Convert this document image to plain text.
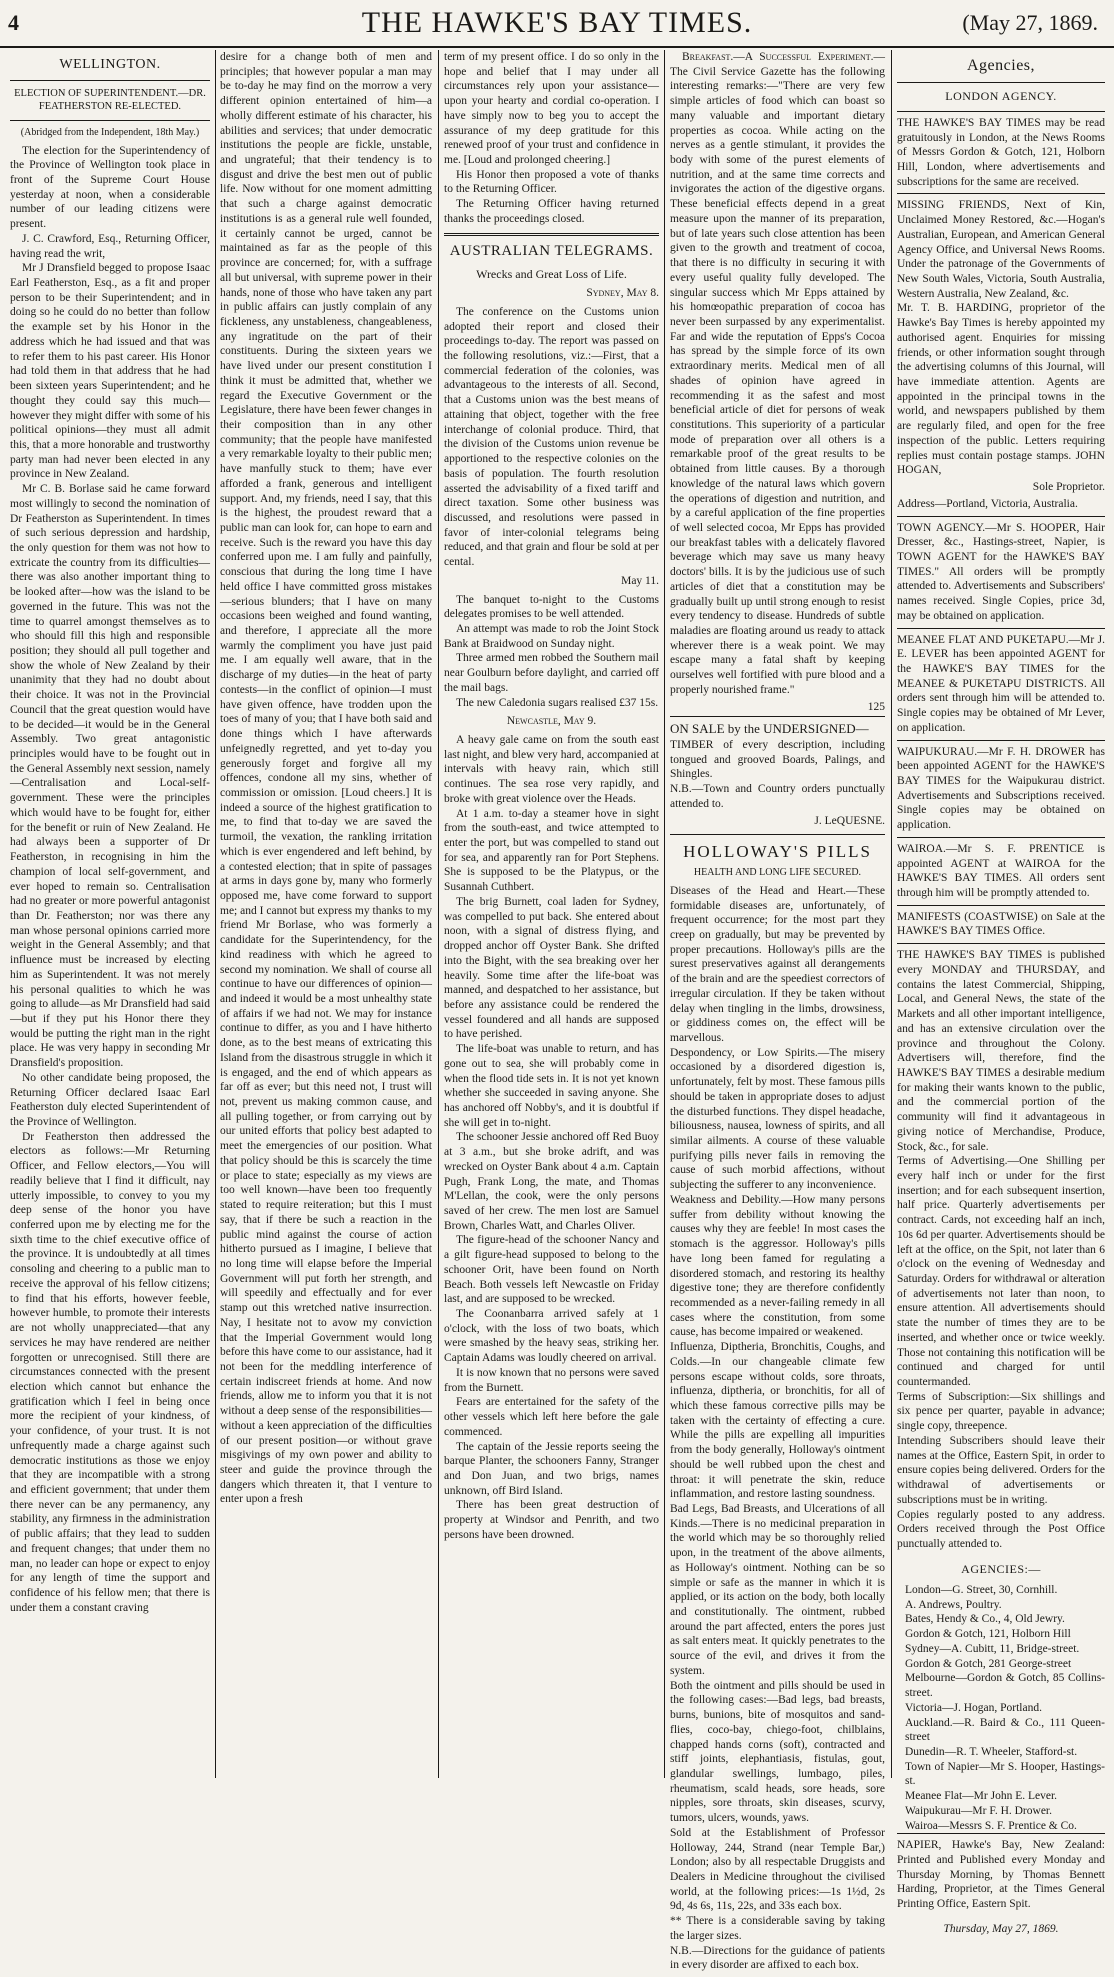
4	THE HAWKE'S BAY TIMES.	(May 27, 1869.
WELLINGTON.
ELECTION OF SUPERINTENDENT.—DR. FEATHERSTON RE-ELECTED.
(Abridged from the Independent, 18th May.)

The election for the Superintendency of the Province of Wellington took place in front of the Supreme Court House yesterday at noon, when a considerable number of our leading citizens were present.

J. C. Crawford, Esq., Returning Officer, having read the writ,

Mr J Dransfield begged to propose Isaac Earl Featherston, Esq., as a fit and proper person to be their Superintendent; and in doing so he could do no better than follow the example set by his Honor in the address which he had issued and that was to refer them to his past career. His Honor had told them in that address that he had been sixteen years Superintendent; and he thought they could say this much—however they might differ with some of his political opinions—they must all admit this, that a more honorable and trustworthy party man had never been elected in any province in New Zealand.

Mr C. B. Borlase said he came forward most willingly to second the nomination of Dr Featherston as Superintendent. In times of such serious depression and hardship, the only question for them was not how to extricate the country from its difficulties—there was also another important thing to be looked after—how was the island to be governed in the future. This was not the time to quarrel amongst themselves as to who should fill this high and responsible position; they should all pull together and show the whole of New Zealand by their unanimity that they had no doubt about their choice. It was not in the Provincial Council that the great question would have to be decided—it would be in the General Assembly. Two great antagonistic principles would have to be fought out in the General Assembly next session, namely—Centralisation and Local-self-government. These were the principles which would have to be fought for, either for the benefit or ruin of New Zealand. He had always been a supporter of Dr Featherston, in recognising in him the champion of local self-government, and ever hoped to remain so. Centralisation had no greater or more powerful antagonist than Dr. Featherston; nor was there any man whose personal opinions carried more weight in the General Assembly; and that influence must be increased by electing him as Superintendent. It was not merely his personal qualities to which he was going to allude—as Mr Dransfield had said—but if they put his Honor there they would be putting the right man in the right place. He was very happy in seconding Mr Dransfield's proposition.

No other candidate being proposed, the Returning Officer declared Isaac Earl Featherston duly elected Superintendent of the Province of Wellington.

Dr Featherston then addressed the electors as follows:—Mr Returning Officer, and Fellow electors,—You will readily believe that I find it difficult, nay utterly impossible, to convey to you my deep sense of the honor you have conferred upon me by electing me for the sixth time to the chief executive office of the province. It is undoubtedly at all times consoling and cheering to a public man to receive the approval of his fellow citizens; to find that his efforts, however feeble, however humble, to promote their interests are not wholly unappreciated—that any services he may have rendered are neither forgotten or unrecognised. Still there are circumstances connected with the present election which cannot but enhance the gratification which I feel in being once more the recipient of your kindness, of your confidence, of your trust. It is not unfrequently made a charge against such democratic institutions as those we enjoy that they are incompatible with a strong and efficient government; that under them there never can be any permanency, any stability, any firmness in the administration of public affairs; that they lead to sudden and frequent changes; that under them no man, no leader can hope or expect to enjoy for any length of time the support and confidence of his fellow men; that there is under them a constant craving

desire for a change both of men and principles; that however popular a man may be to-day he may find on the morrow a very different opinion entertained of him—a wholly different estimate of his character, his abilities and services; that under democratic institutions the people are fickle, unstable, and ungrateful; that their tendency is to disgust and drive the best men out of public life. Now without for one moment admitting that such a charge against democratic institutions is as a general rule well founded, it certainly cannot be urged, cannot be maintained as far as the people of this province are concerned; for, with a suffrage all but universal, with supreme power in their hands, none of those who have taken any part in public affairs can justly complain of any fickleness, any unstableness, changeableness, any ingratitude on the part of their constituents. During the sixteen years we have lived under our present constitution I think it must be admitted that, whether we regard the Executive Government or the Legislature, there have been fewer changes in their composition than in any other community; that the people have manifested a very remarkable loyalty to their public men; have manfully stuck to them; have ever afforded a frank, generous and intelligent support. And, my friends, need I say, that this is the highest, the proudest reward that a public man can look for, can hope to earn and receive. Such is the reward you have this day conferred upon me. I am fully and painfully, conscious that during the long time I have held office I have committed gross mistakes—serious blunders; that I have on many occasions been weighed and found wanting, and therefore, I appreciate all the more warmly the compliment you have just paid me. I am equally well aware, that in the discharge of my duties—in the heat of party contests—in the conflict of opinion—I must have given offence, have trodden upon the toes of many of you; that I have both said and done things which I have afterwards unfeignedly regretted, and yet to-day you generously forget and forgive all my offences, condone all my sins, whether of commission or omission. [Loud cheers.] It is indeed a source of the highest gratification to me, to find that to-day we are saved the turmoil, the vexation, the rankling irritation which is ever engendered and left behind, by a contested election; that in spite of passages at arms in days gone by, many who formerly opposed me, have come forward to support me; and I cannot but express my thanks to my friend Mr Borlase, who was formerly a candidate for the Superintendency, for the kind readiness with which he agreed to second my nomination. We shall of course all continue to have our differences of opinion—and indeed it would be a most unhealthy state of affairs if we had not. We may for instance continue to differ, as you and I have hitherto done, as to the best means of extricating this Island from the disastrous struggle in which it is engaged, and the end of which appears as far off as ever; but this need not, I trust will not, prevent us making common cause, and all pulling together, or from carrying out by our united efforts that policy best adapted to meet the emergencies of our position. What that policy should be this is scarcely the time or place to state; especially as my views are too well known—have been too frequently stated to require reiteration; but this I must say, that if there be such a reaction in the public mind against the course of action hitherto pursued as I imagine, I believe that no long time will elapse before the Imperial Government will put forth her strength, and will speedily and effectually and for ever stamp out this wretched native insurrection. Nay, I hesitate not to avow my conviction that the Imperial Government would long before this have come to our assistance, had it not been for the meddling interference of certain indiscreet friends at home. And now friends, allow me to inform you that it is not without a deep sense of the responsibilities—without a keen appreciation of the difficulties of our present position—or without grave misgivings of my own power and ability to steer and guide the province through the dangers which threaten it, that I venture to enter upon a fresh

term of my present office. I do so only in the hope and belief that I may under all circumstances rely upon your assistance—upon your hearty and cordial co-operation. I have simply now to beg you to accept the assurance of my deep gratitude for this renewed proof of your trust and confidence in me. [Loud and prolonged cheering.]

His Honor then proposed a vote of thanks to the Returning Officer.

The Returning Officer having returned thanks the proceedings closed.

AUSTRALIAN TELEGRAMS.
Wrecks and Great Loss of Life.
Sydney, May 8.

The conference on the Customs union adopted their report and closed their proceedings to-day. The report was passed on the following resolutions, viz.:—First, that a commercial federation of the colonies, was advantageous to the interests of all. Second, that a Customs union was the best means of attaining that object, together with the free interchange of colonial produce. Third, that the division of the Customs union revenue be apportioned to the respective colonies on the basis of population. The fourth resolution asserted the advisability of a fixed tariff and direct taxation. Some other business was discussed, and resolutions were passed in favor of inter-colonial telegrams being reduced, and that grain and flour be sold at per cental.

May 11.

The banquet to-night to the Customs delegates promises to be well attended.

An attempt was made to rob the Joint Stock Bank at Braidwood on Sunday night.

Three armed men robbed the Southern mail near Goulburn before daylight, and carried off the mail bags.

The new Caledonia sugars realised £37 15s.

Newcastle, May 9.

A heavy gale came on from the south east last night, and blew very hard, accompanied at intervals with heavy rain, which still continues. The sea rose very rapidly, and broke with great violence over the Heads.

At 1 a.m. to-day a steamer hove in sight from the south-east, and twice attempted to enter the port, but was compelled to stand out for sea, and apparently ran for Port Stephens. She is supposed to be the Platypus, or the Susannah Cuthbert.

The brig Burnett, coal laden for Sydney, was compelled to put back. She entered about noon, with a signal of distress flying, and dropped anchor off Oyster Bank. She drifted into the Bight, with the sea breaking over her heavily. Some time after the life-boat was manned, and despatched to her assistance, but before any assistance could be rendered the vessel foundered and all hands are supposed to have perished.

The life-boat was unable to return, and has gone out to sea, she will probably come in when the flood tide sets in. It is not yet known whether she succeeded in saving anyone. She has anchored off Nobby's, and it is doubtful if she will get in to-night.

The schooner Jessie anchored off Red Buoy at 3 a.m., but she broke adrift, and was wrecked on Oyster Bank about 4 a.m. Captain Pugh, Frank Long, the mate, and Thomas M'Lellan, the cook, were the only persons saved of her crew. The men lost are Samuel Brown, Charles Watt, and Charles Oliver.

The figure-head of the schooner Nancy and a gilt figure-head supposed to belong to the schooner Orit, have been found on North Beach. Both vessels left Newcastle on Friday last, and are supposed to be wrecked.

The Coonanbarra arrived safely at 1 o'clock, with the loss of two boats, which were smashed by the heavy seas, striking her. Captain Adams was loudly cheered on arrival.

It is now known that no persons were saved from the Burnett.

Fears are entertained for the safety of the other vessels which left here before the gale commenced.

The captain of the Jessie reports seeing the barque Planter, the schooners Fanny, Stranger and Don Juan, and two brigs, names unknown, off Bird Island.

There has been great destruction of property at Windsor and Penrith, and two persons have been drowned.

Breakfast.—A Successful Experiment.—The Civil Service Gazette has the following interesting remarks:—"There are very few simple articles of food which can boast so many valuable and important dietary properties as cocoa. While acting on the nerves as a gentle stimulant, it provides the body with some of the purest elements of nutrition, and at the same time corrects and invigorates the action of the digestive organs. These beneficial effects depend in a great measure upon the manner of its preparation, but of late years such close attention has been given to the growth and treatment of cocoa, that there is no difficulty in securing it with every useful quality fully developed. The singular success which Mr Epps attained by his homœopathic preparation of cocoa has never been surpassed by any experimentalist. Far and wide the reputation of Epps's Cocoa has spread by the simple force of its own extraordinary merits. Medical men of all shades of opinion have agreed in recommending it as the safest and most beneficial article of diet for persons of weak constitutions. This superiority of a particular mode of preparation over all others is a remarkable proof of the great results to be obtained from little causes. By a thorough knowledge of the natural laws which govern the operations of digestion and nutrition, and by a careful application of the fine properties of well selected cocoa, Mr Epps has provided our breakfast tables with a delicately flavored beverage which may save us many heavy doctors' bills. It is by the judicious use of such articles of diet that a constitution may be gradually built up until strong enough to resist every tendency to disease. Hundreds of subtle maladies are floating around us ready to attack wherever there is a weak point. We may escape many a fatal shaft by keeping ourselves well fortified with pure blood and a properly nourished frame."

125

ON SALE by the UNDERSIGNED—

TIMBER of every description, including tongued and grooved Boards, Palings, and Shingles.

N.B.—Town and Country orders punctually attended to.

J. LeQUESNE.
HOLLOWAY'S PILLS
HEALTH AND LONG LIFE SECURED.

Diseases of the Head and Heart.—These formidable diseases are, unfortunately, of frequent occurrence; for the most part they creep on gradually, but may be prevented by proper precautions. Holloway's pills are the surest preservatives against all derangements of the brain and are the speediest correctors of irregular circulation. If they be taken without delay when tingling in the limbs, drowsiness, or giddiness comes on, the effect will be marvellous.

Despondency, or Low Spirits.—The misery occasioned by a disordered digestion is, unfortunately, felt by most. These famous pills should be taken in appropriate doses to adjust the disturbed functions. They dispel headache, biliousness, nausea, lowness of spirits, and all similar ailments. A course of these valuable purifying pills never fails in removing the cause of such morbid affections, without subjecting the sufferer to any inconvenience.

Weakness and Debility.—How many persons suffer from debility without knowing the causes why they are feeble! In most cases the stomach is the aggressor. Holloway's pills have long been famed for regulating a disordered stomach, and restoring its healthy digestive tone; they are therefore confidently recommended as a never-failing remedy in all cases where the constitution, from some cause, has become impaired or weakened.

Influenza, Diptheria, Bronchitis, Coughs, and Colds.—In our changeable climate few persons escape without colds, sore throats, influenza, diptheria, or bronchitis, for all of which these famous corrective pills may be taken with the certainty of effecting a cure. While the pills are expelling all impurities from the body generally, Holloway's ointment should be well rubbed upon the chest and throat: it will penetrate the skin, reduce inflammation, and restore lasting soundness.

Bad Legs, Bad Breasts, and Ulcerations of all Kinds.—There is no medicinal preparation in the world which may be so thoroughly relied upon, in the treatment of the above ailments, as Holloway's ointment. Nothing can be so simple or safe as the manner in which it is applied, or its action on the body, both locally and constitutionally. The ointment, rubbed around the part affected, enters the pores just as salt enters meat. It quickly penetrates to the source of the evil, and drives it from the system.

Both the ointment and pills should be used in the following cases:—Bad legs, bad breasts, burns, bunions, bite of mosquitos and sand-flies, coco-bay, chiego-foot, chilblains, chapped hands corns (soft), contracted and stiff joints, elephantiasis, fistulas, gout, glandular swellings, lumbago, piles, rheumatism, scald heads, sore heads, sore nipples, sore throats, skin diseases, scurvy, tumors, ulcers, wounds, yaws.

Sold at the Establishment of Professor Holloway, 244, Strand (near Temple Bar,) London; also by all respectable Druggists and Dealers in Medicine throughout the civilised world, at the following prices:—1s 1½d, 2s 9d, 4s 6s, 11s, 22s, and 33s each box.

** There is a considerable saving by taking the larger sizes.

N.B.—Directions for the guidance of patients in every disorder are affixed to each box.

Agencies,
LONDON AGENCY.

THE HAWKE'S BAY TIMES may be read gratuitously in London, at the News Rooms of Messrs Gordon & Gotch, 121, Holborn Hill, London, where advertisements and subscriptions for the same are received.

MISSING FRIENDS, Next of Kin, Unclaimed Money Restored, &c.—Hogan's Australian, European, and American General Agency Office, and Universal News Rooms. Under the patronage of the Governments of New South Wales, Victoria, South Australia, Western Australia, New Zealand, &c.

Mr. T. B. HARDING, proprietor of the Hawke's Bay Times is hereby appointed my authorised agent. Enquiries for missing friends, or other information sought through the advertising columns of this Journal, will have immediate attention. Agents are appointed in the principal towns in the world, and newspapers published by them are regularly filed, and open for the free inspection of the public. Letters requiring replies must contain postage stamps. JOHN HOGAN,

Sole Proprietor.

Address—Portland, Victoria, Australia.

TOWN AGENCY.—Mr S. HOOPER, Hair Dresser, &c., Hastings-street, Napier, is TOWN AGENT for the HAWKE'S BAY TIMES." All orders will be promptly attended to. Advertisements and Subscribers' names received. Single Copies, price 3d, may be obtained on application.

MEANEE FLAT AND PUKETAPU.—Mr J. E. LEVER has been appointed AGENT for the HAWKE'S BAY TIMES for the MEANEE & PUKETAPU DISTRICTS. All orders sent through him will be attended to. Single copies may be obtained of Mr Lever, on application.

WAIPUKURAU.—Mr F. H. DROWER has been appointed AGENT for the HAWKE'S BAY TIMES for the Waipukurau district. Advertisements and Subscriptions received. Single copies may be obtained on application.

WAIROA.—Mr S. F. PRENTICE is appointed AGENT at WAIROA for the HAWKE'S BAY TIMES. All orders sent through him will be promptly attended to.

MANIFESTS (COASTWISE) on Sale at the HAWKE'S BAY TIMES Office.

THE HAWKE'S BAY TIMES is published every MONDAY and THURSDAY, and contains the latest Commercial, Shipping, Local, and General News, the state of the Markets and all other important intelligence, and has an extensive circulation over the province and throughout the Colony. Advertisers will, therefore, find the HAWKE'S BAY TIMES a desirable medium for making their wants known to the public, and the commercial portion of the community will find it advantageous in giving notice of Merchandise, Produce, Stock, &c., for sale.

Terms of Advertising.—One Shilling per every half inch or under for the first insertion; and for each subsequent insertion, half price. Quarterly advertisements per contract. Cards, not exceeding half an inch, 10s 6d per quarter. Advertisements should be left at the office, on the Spit, not later than 6 o'clock on the evening of Wednesday and Saturday. Orders for withdrawal or alteration of advertisements not later than noon, to ensure attention. All advertisements should state the number of times they are to be inserted, and whether once or twice weekly. Those not containing this notification will be continued and charged for until countermanded.

Terms of Subscription:—Six shillings and six pence per quarter, payable in advance; single copy, threepence.

Intending Subscribers should leave their names at the Office, Eastern Spit, in order to ensure copies being delivered. Orders for the withdrawal of advertisements or subscriptions must be in writing.

Copies regularly posted to any address. Orders received through the Post Office punctually attended to.

AGENCIES:—

London—G. Street, 30, Cornhill.

A. Andrews, Poultry.

Bates, Hendy & Co., 4, Old Jewry.

Gordon & Gotch, 121, Holborn Hill

Sydney—A. Cubitt, 11, Bridge-street.

Gordon & Gotch, 281 George-street

Melbourne—Gordon & Gotch, 85 Collins-street.

Victoria—J. Hogan, Portland.

Auckland.—R. Baird & Co., 111 Queen-street

Dunedin—R. T. Wheeler, Stafford-st.

Town of Napier—Mr S. Hooper, Hastings-st.

Meanee Flat—Mr John E. Lever.

Waipukurau—Mr F. H. Drower.

Wairoa—Messrs S. F. Prentice & Co.

NAPIER, Hawke's Bay, New Zealand: Printed and Published every Monday and Thursday Morning, by Thomas Bennett Harding, Proprietor, at the Times General Printing Office, Eastern Spit.

Thursday, May 27, 1869.
